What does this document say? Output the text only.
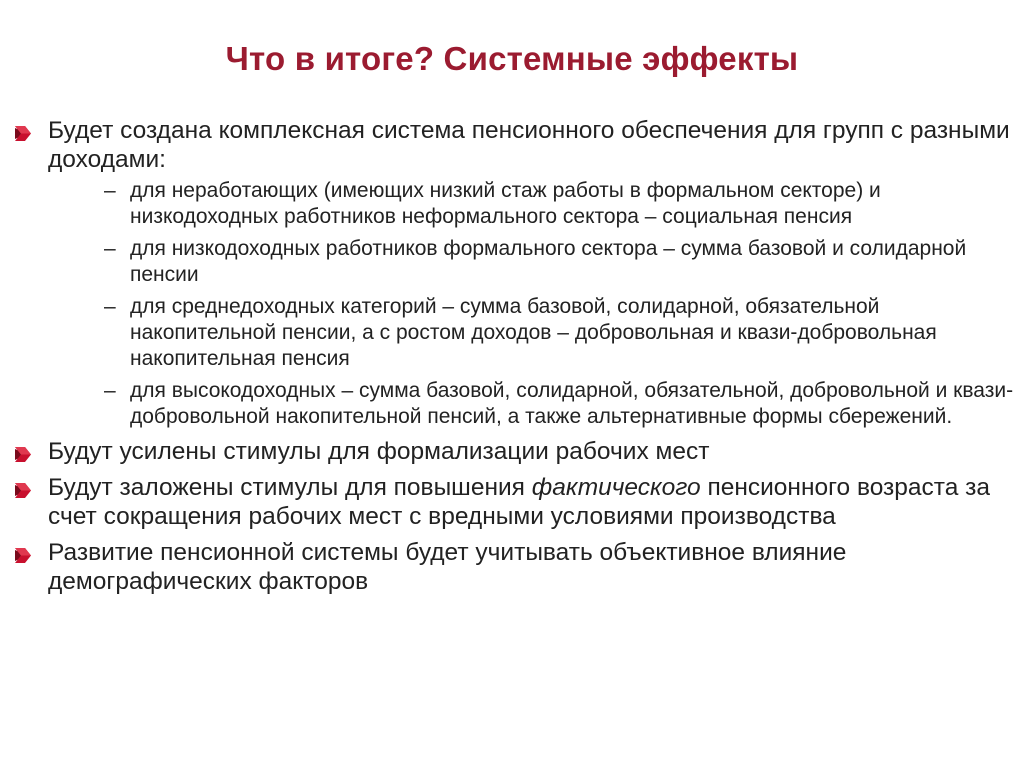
Что в итоге? Системные эффекты
Будет создана комплексная система пенсионного обеспечения для групп с разными доходами:
– для неработающих (имеющих низкий стаж работы в формальном секторе) и низкодоходных работников неформального сектора – социальная пенсия
– для низкодоходных работников формального сектора – сумма базовой и солидарной пенсии
– для среднедоходных категорий – сумма базовой, солидарной, обязательной накопительной пенсии, а с ростом доходов – добровольная и квази-добровольная накопительная пенсия
– для высокодоходных – сумма базовой, солидарной, обязательной, добровольной и квази-добровольной накопительной пенсий, а также альтернативные формы сбережений.
Будут усилены стимулы для формализации рабочих мест
Будут заложены стимулы для повышения фактического пенсионного возраста за счет сокращения рабочих мест с вредными условиями производства
Развитие пенсионной системы будет учитывать объективное влияние демографических факторов
